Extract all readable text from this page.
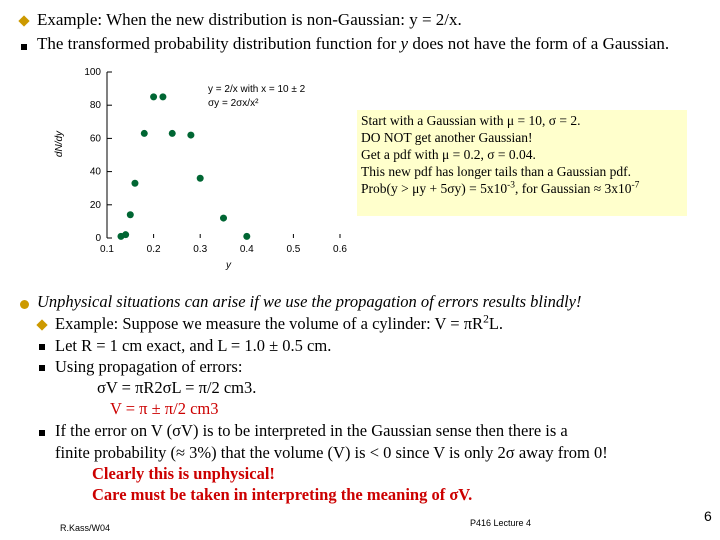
Example: When the new distribution is non-Gaussian: y = 2/x.
The transformed probability distribution function for y does not have the form of a Gaussian.
0
20
40
60
80
100
0.1	0.2	0.3	0.4	0.5	0.6
dN/dy
y = 2/x with x = 10 ± 2
σy = 2σx/x²
y
Start with a Gaussian with μ = 10, σ = 2.
DO NOT get another Gaussian!
Get a pdf with μ = 0.2, σ = 0.04.
This new pdf has longer tails than a Gaussian pdf.
Prob(y > $\mu y + 5\sigma y) = 5x10^{-3}$, for Gaussian ≈ $3x10^{-7}$
Unphysical situations can arise if we use the propagation of errors results blindly!
Example: Suppose we measure the volume of a cylinder: $V = \pi R^2L$.
Let R = 1 cm exact, and L = 1.0 ± 0.5 cm.
Using propagation of errors:
σV = πR2σL = π/2 cm3.
V = π ± π/2 cm3
If the error on V (σV) is to be interpreted in the Gaussian sense then there is a
finite probability (≈ 3%) that the volume (V) is < 0 since V is only 2σ away from 0!
Clearly this is unphysical!
Care must be taken in interpreting the meaning of σV.
R.Kass/W04	P416 Lecture 4	6
